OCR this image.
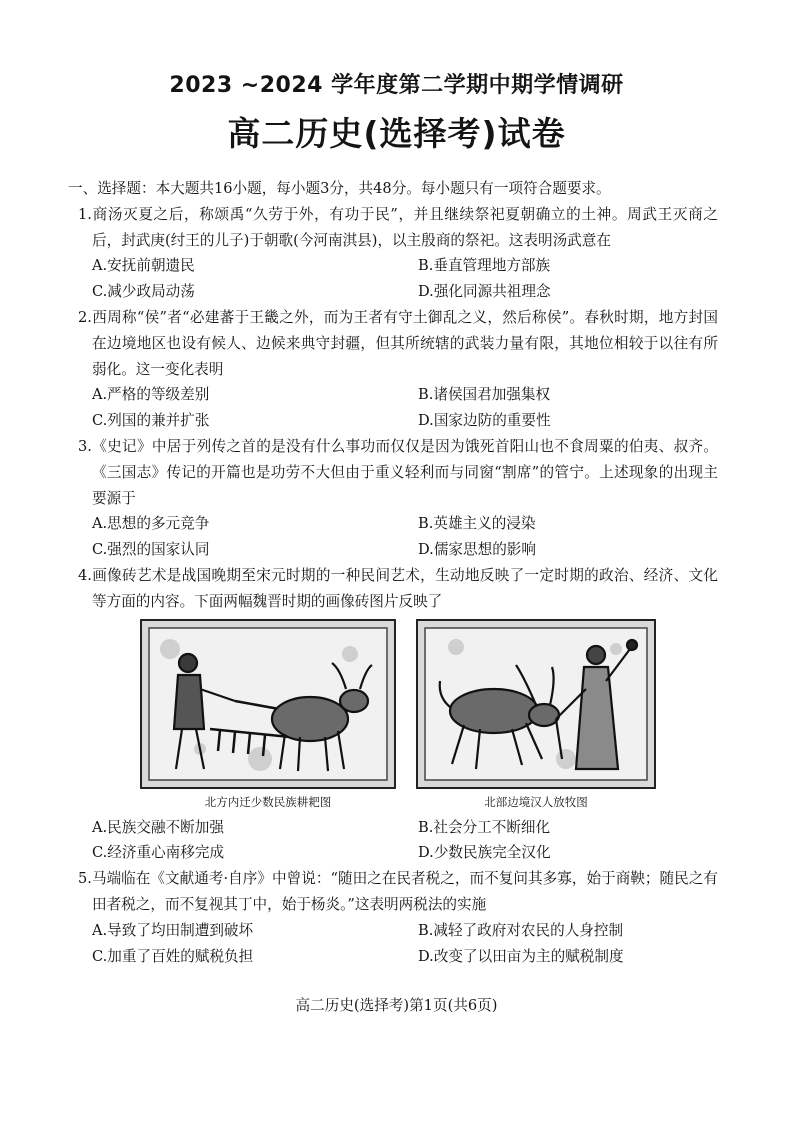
2023 ~2024 学年度第二学期中期学情调研
高二历史(选择考)试卷
一、选择题：本大题共16小题，每小题3分，共48分。每小题只有一项符合题要求。
1.商汤灭夏之后，称颂禹“久劳于外，有功于民”，并且继续祭祀夏朝确立的土神。周武王灭商之后，封武庚(纣王的儿子)于朝歌(今河南淇县)，以主殷商的祭祀。这表明汤武意在
A.安抚前朝遗民	B.垂直管理地方部族
C.减少政局动荡	D.强化同源共祖理念
2.西周称“侯”者“必建蕃于王畿之外，而为王者有守土御乱之义，然后称侯”。春秋时期，地方封国在边境地区也设有候人、边候来典守封疆，但其所统辖的武装力量有限，其地位相较于以往有所弱化。这一变化表明
A.严格的等级差别	B.诸侯国君加强集权
C.列国的兼并扩张	D.国家边防的重要性
3.《史记》中居于列传之首的是没有什么事功而仅仅是因为饿死首阳山也不食周粟的伯夷、叔齐。《三国志》传记的开篇也是功劳不大但由于重义轻利而与同窗“割席”的管宁。上述现象的出现主要源于
A.思想的多元竞争	B.英雄主义的浸染
C.强烈的国家认同	D.儒家思想的影响
4.画像砖艺术是战国晚期至宋元时期的一种民间艺术，生动地反映了一定时期的政治、经济、文化等方面的内容。下面两幅魏晋时期的画像砖图片反映了
北方内迁少数民族耕耙图	北部边境汉人放牧图
A.民族交融不断加强	B.社会分工不断细化
C.经济重心南移完成	D.少数民族完全汉化
5.马端临在《文献通考·自序》中曾说：“随田之在民者税之，而不复问其多寡，始于商鞅；随民之有田者税之，而不复视其丁中，始于杨炎。”这表明两税法的实施
A.导致了均田制遭到破坏	B.减轻了政府对农民的人身控制
C.加重了百姓的赋税负担	D.改变了以田亩为主的赋税制度
高二历史(选择考)第1页(共6页)
